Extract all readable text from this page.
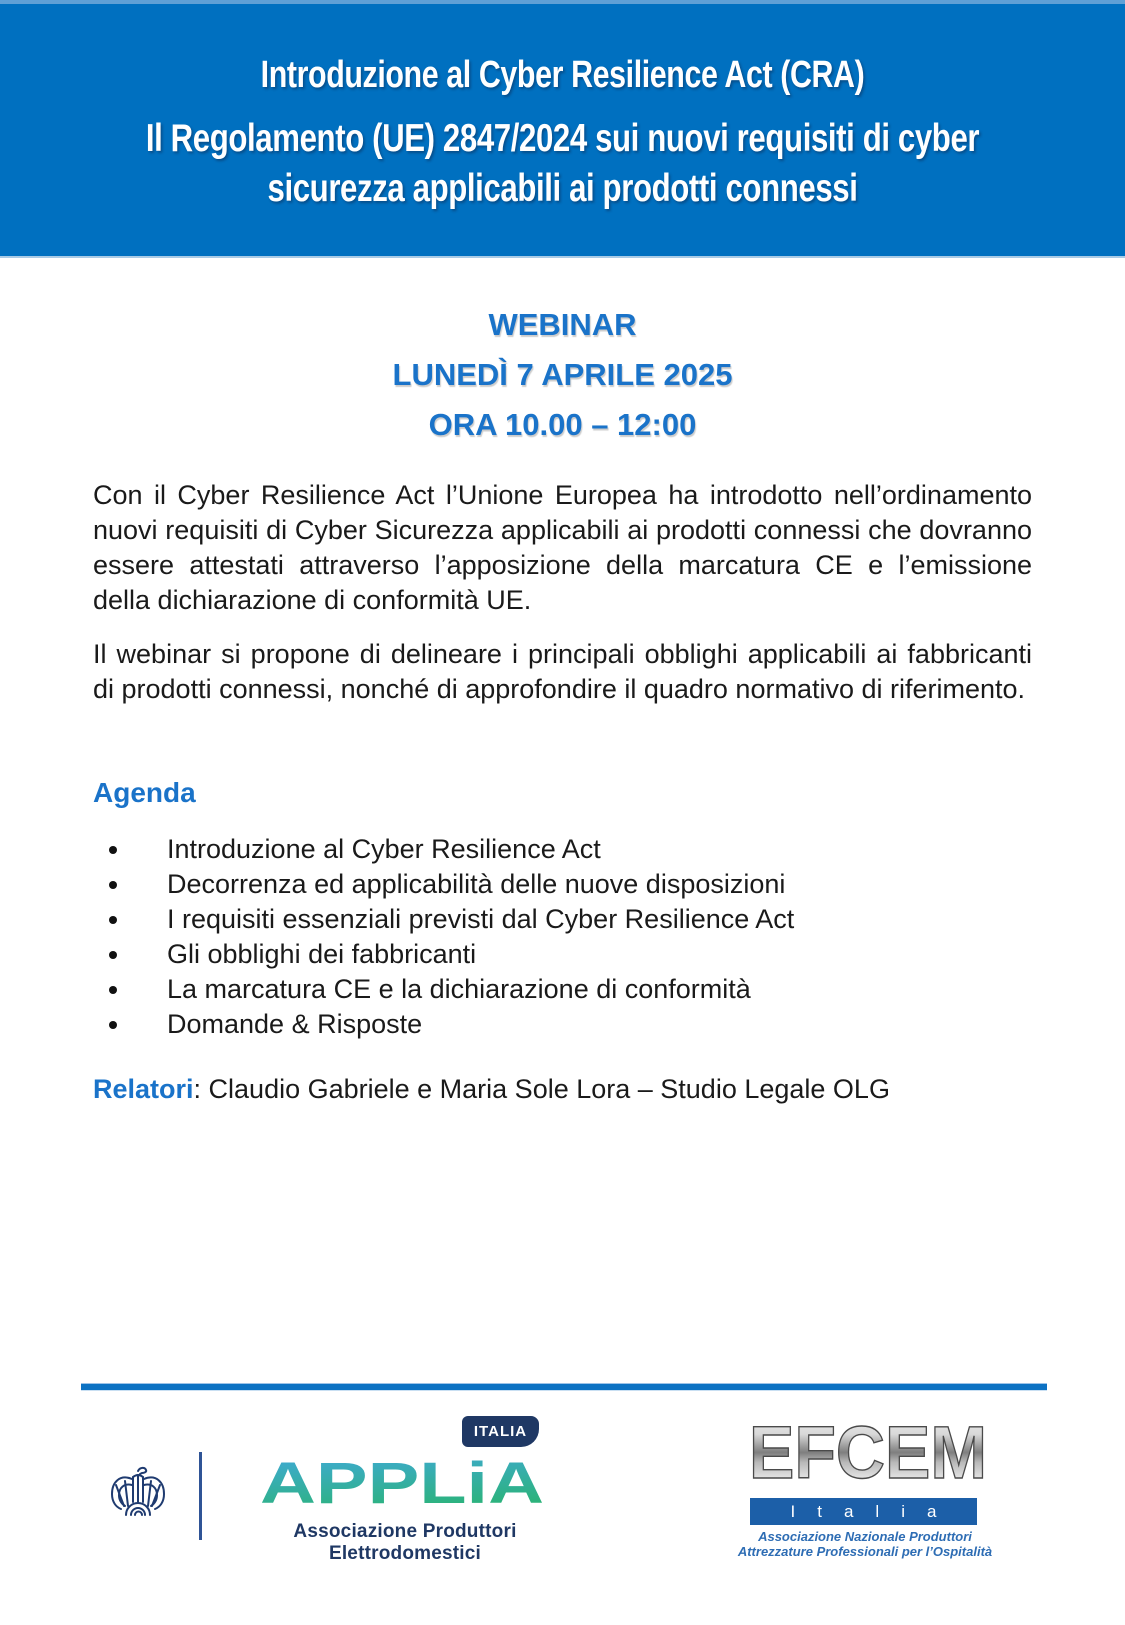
Introduzione al Cyber Resilience Act (CRA)
Il Regolamento (UE) 2847/2024 sui nuovi requisiti di cyber
sicurezza applicabili ai prodotti connessi
WEBINAR
LUNEDÌ 7 APRILE 2025
ORA 10.00 – 12:00

Con il Cyber Resilience Act l’Unione Europea ha introdotto nell’ordinamento nuovi requisiti di Cyber Sicurezza applicabili ai prodotti connessi che dovranno essere attestati attraverso l’apposizione della marcatura CE e l’emissione della dichiarazione di conformità UE.

Il webinar si propone di delineare i principali obblighi applicabili ai fabbricanti di prodotti connessi, nonché di approfondire il quadro normativo di riferimento.

Agenda
Introduzione al Cyber Resilience Act
Decorrenza ed applicabilità delle nuove disposizioni
I requisiti essenziali previsti dal Cyber Resilience Act
Gli obblighi dei fabbricanti
La marcatura CE e la dichiarazione di conformità
Domande & Risposte

Relatori: Claudio Gabriele e Maria Sole Lora – Studio Legale OLG

ITALIA
APPLiA
Associazione Produttori Elettrodomestici
EFCEM
Italia
Associazione Nazionale Produttori
Attrezzature Professionali per l’Ospitalità
